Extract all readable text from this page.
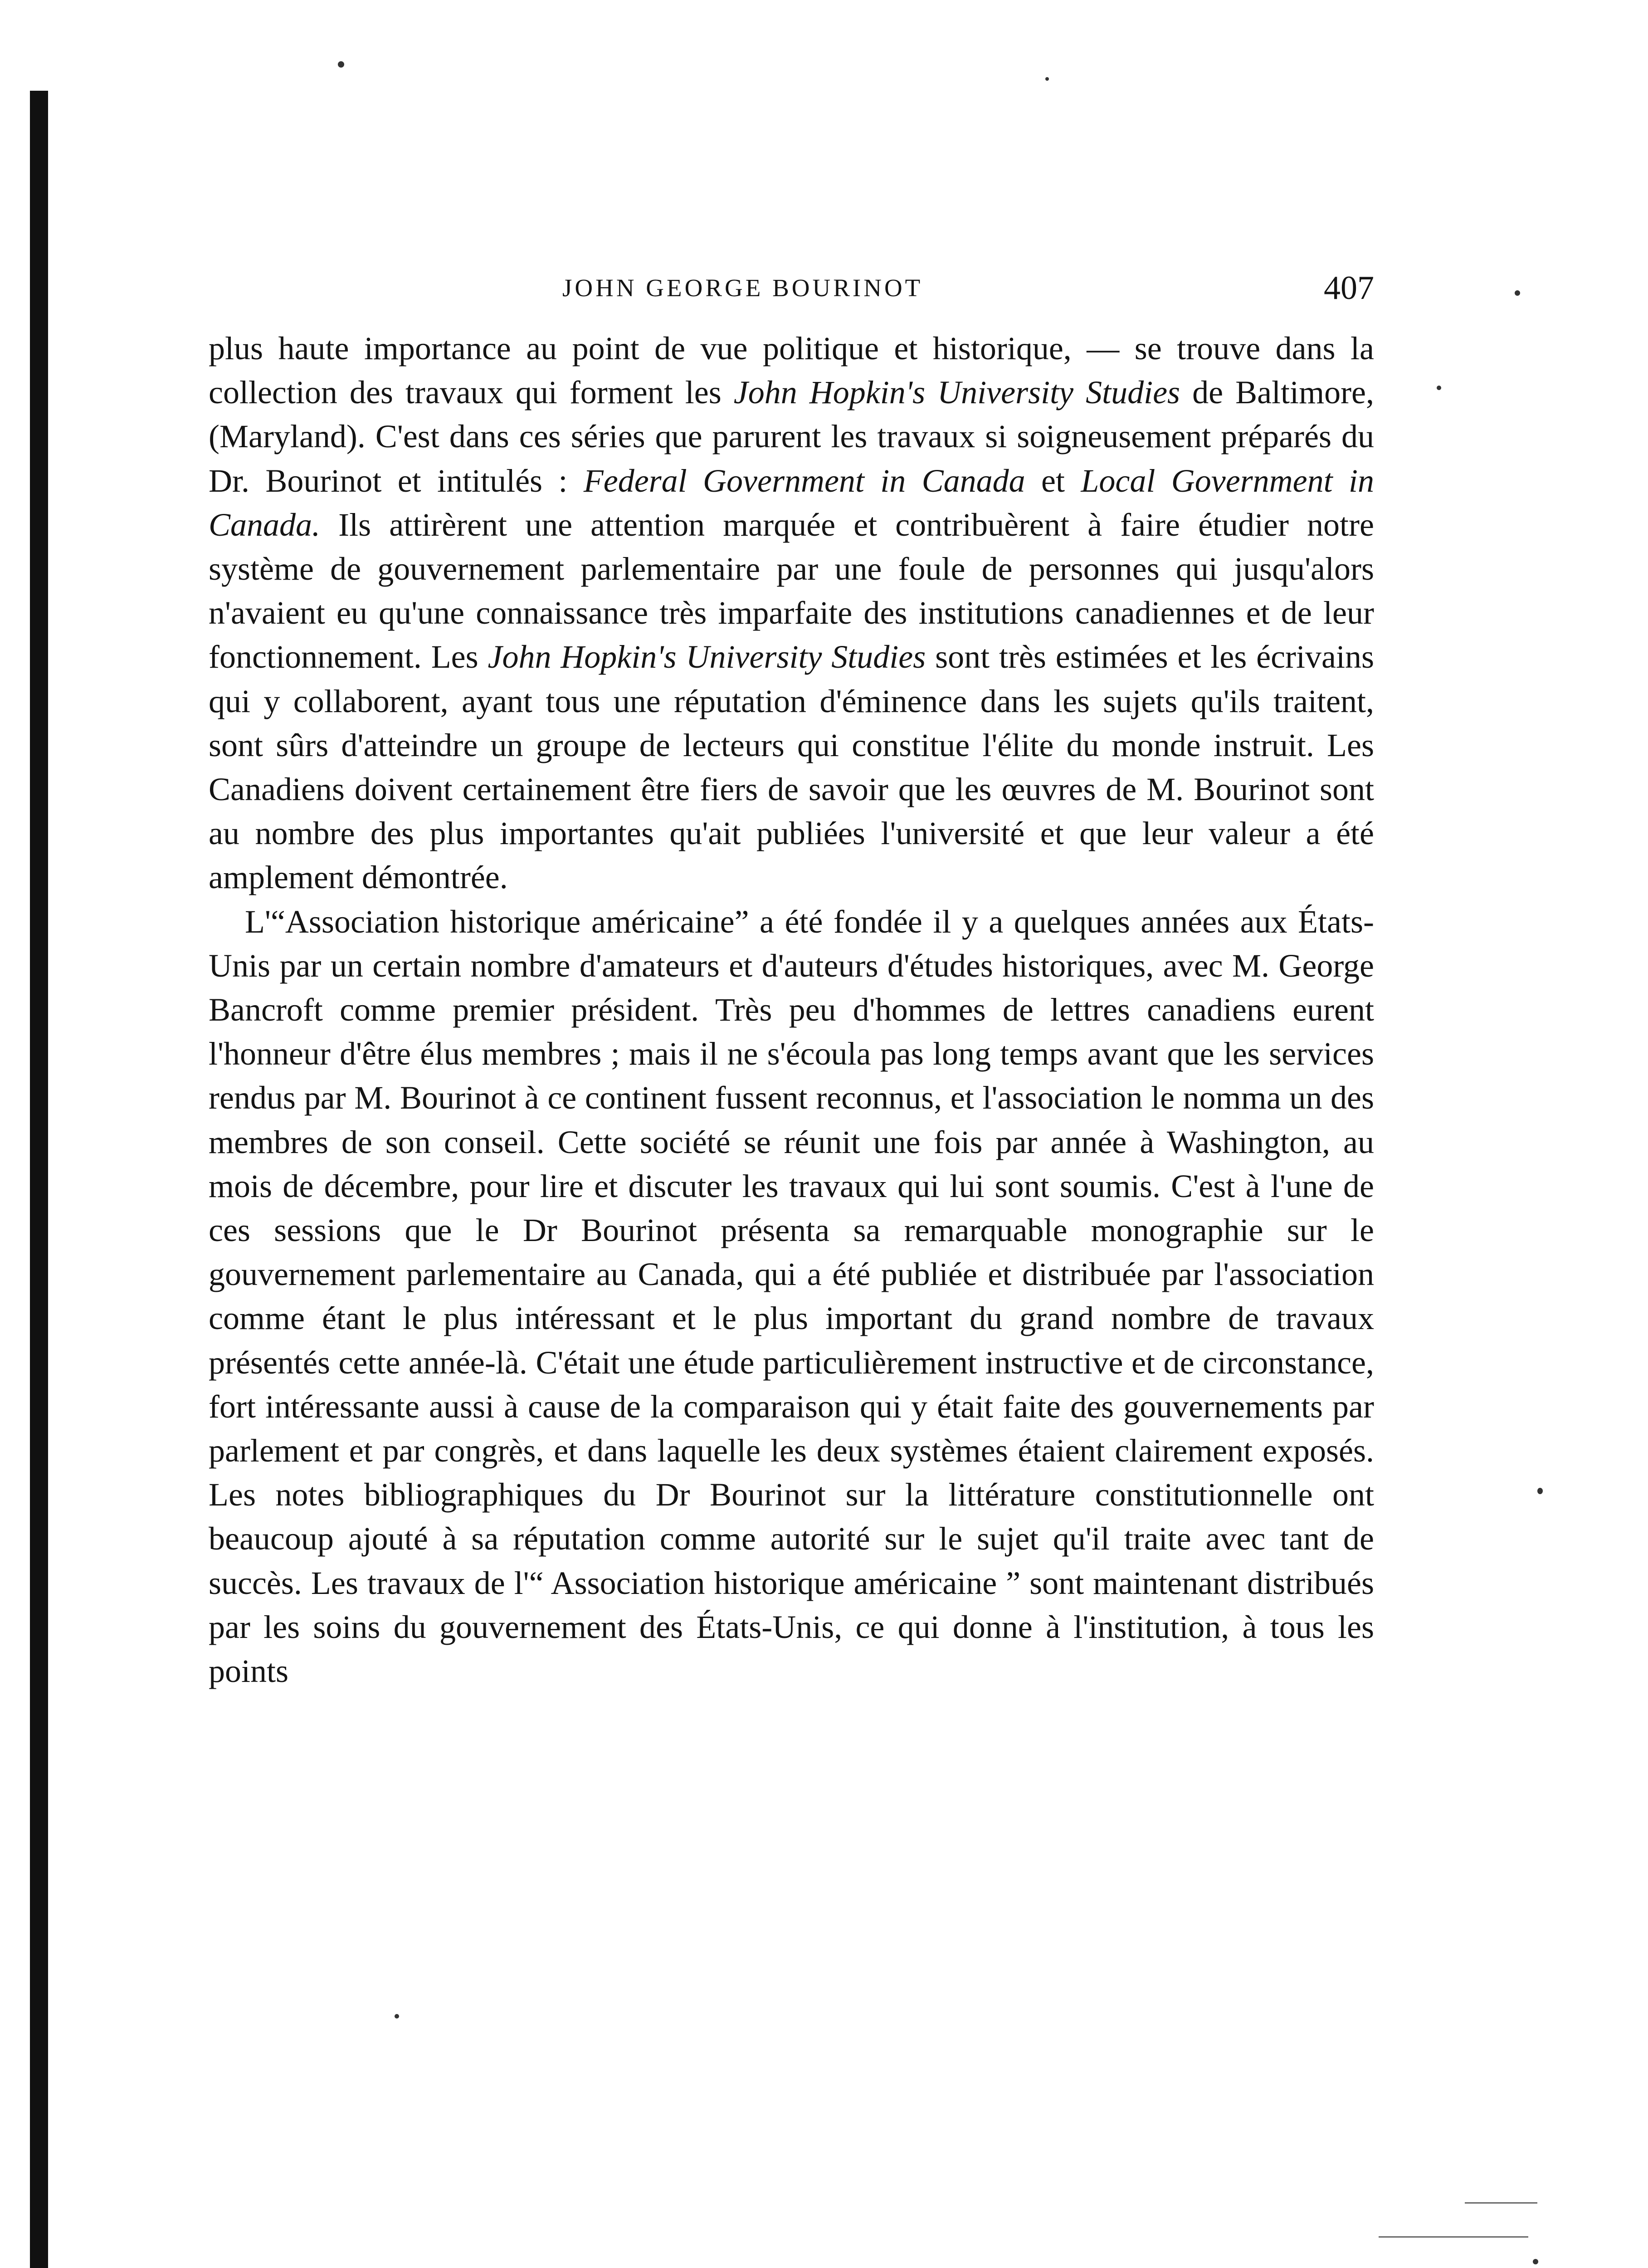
JOHN GEORGE BOURINOT	407

plus haute importance au point de vue politique et historique, — se trouve dans la collection des travaux qui forment les John Hopkin's University Studies de Baltimore, (Maryland). C'est dans ces séries que parurent les travaux si soigneusement préparés du Dr. Bourinot et intitulés : Federal Government in Canada et Local Government in Canada. Ils attirèrent une attention marquée et contribuèrent à faire étudier notre système de gouvernement parlementaire par une foule de personnes qui jusqu'alors n'avaient eu qu'une connaissance très imparfaite des institutions canadiennes et de leur fonctionnement. Les John Hopkin's University Studies sont très estimées et les écrivains qui y collaborent, ayant tous une réputation d'éminence dans les sujets qu'ils traitent, sont sûrs d'atteindre un groupe de lecteurs qui constitue l'élite du monde instruit. Les Canadiens doivent certainement être fiers de savoir que les œuvres de M. Bourinot sont au nombre des plus importantes qu'ait publiées l'université et que leur valeur a été amplement démontrée.

L'“Association historique américaine” a été fondée il y a quelques années aux États-Unis par un certain nombre d'amateurs et d'auteurs d'études historiques, avec M. George Bancroft comme premier président. Très peu d'hommes de lettres canadiens eurent l'honneur d'être élus membres ; mais il ne s'écoula pas long temps avant que les services rendus par M. Bourinot à ce continent fussent reconnus, et l'association le nomma un des membres de son conseil. Cette société se réunit une fois par année à Washington, au mois de décembre, pour lire et discuter les travaux qui lui sont soumis. C'est à l'une de ces sessions que le Dr Bourinot présenta sa remarquable monographie sur le gouvernement parlementaire au Canada, qui a été publiée et distribuée par l'association comme étant le plus intéressant et le plus important du grand nombre de travaux présentés cette année-là. C'était une étude particulièrement instructive et de circonstance, fort intéressante aussi à cause de la comparaison qui y était faite des gouvernements par parlement et par congrès, et dans laquelle les deux systèmes étaient clairement exposés. Les notes bibliographiques du Dr Bourinot sur la littérature constitutionnelle ont beaucoup ajouté à sa réputation comme autorité sur le sujet qu'il traite avec tant de succès. Les travaux de l'“ Association historique américaine ” sont maintenant distribués par les soins du gouvernement des États-Unis, ce qui donne à l'institution, à tous les points
